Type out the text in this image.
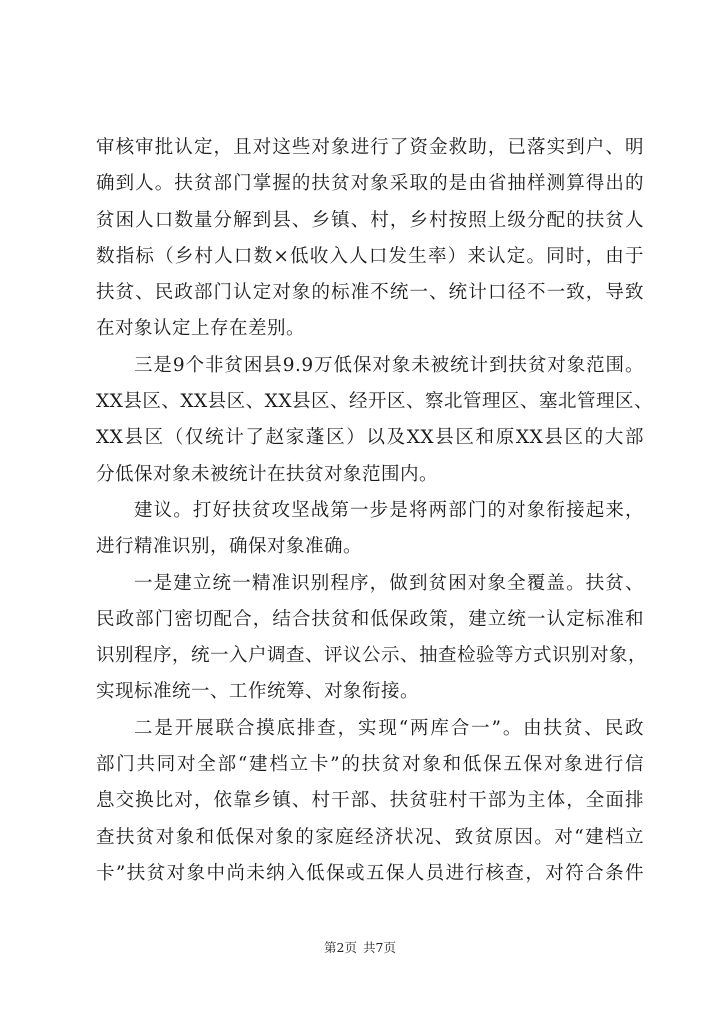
审核审批认定，且对这些对象进行了资金救助，已落实到户、明
确到人。扶贫部门掌握的扶贫对象采取的是由省抽样测算得出的
贫困人口数量分解到县、乡镇、村，乡村按照上级分配的扶贫人
数指标（乡村人口数×低收入人口发生率）来认定。同时，由于
扶贫、民政部门认定对象的标准不统一、统计口径不一致，导致
在对象认定上存在差别。
三是9个非贫困县9.9万低保对象未被统计到扶贫对象范围。
XX县区、XX县区、XX县区、经开区、察北管理区、塞北管理区、
XX县区（仅统计了赵家蓬区）以及XX县区和原XX县区的大部
分低保对象未被统计在扶贫对象范围内。
建议。打好扶贫攻坚战第一步是将两部门的对象衔接起来，
进行精准识别，确保对象准确。
一是建立统一精准识别程序，做到贫困对象全覆盖。扶贫、
民政部门密切配合，结合扶贫和低保政策，建立统一认定标准和
识别程序，统一入户调查、评议公示、抽查检验等方式识别对象，
实现标准统一、工作统筹、对象衔接。
二是开展联合摸底排查，实现“两库合一”。由扶贫、民政
部门共同对全部“建档立卡”的扶贫对象和低保五保对象进行信
息交换比对，依靠乡镇、村干部、扶贫驻村干部为主体，全面排
查扶贫对象和低保对象的家庭经济状况、致贫原因。对“建档立
卡”扶贫对象中尚未纳入低保或五保人员进行核查，对符合条件
第2页 共7页
